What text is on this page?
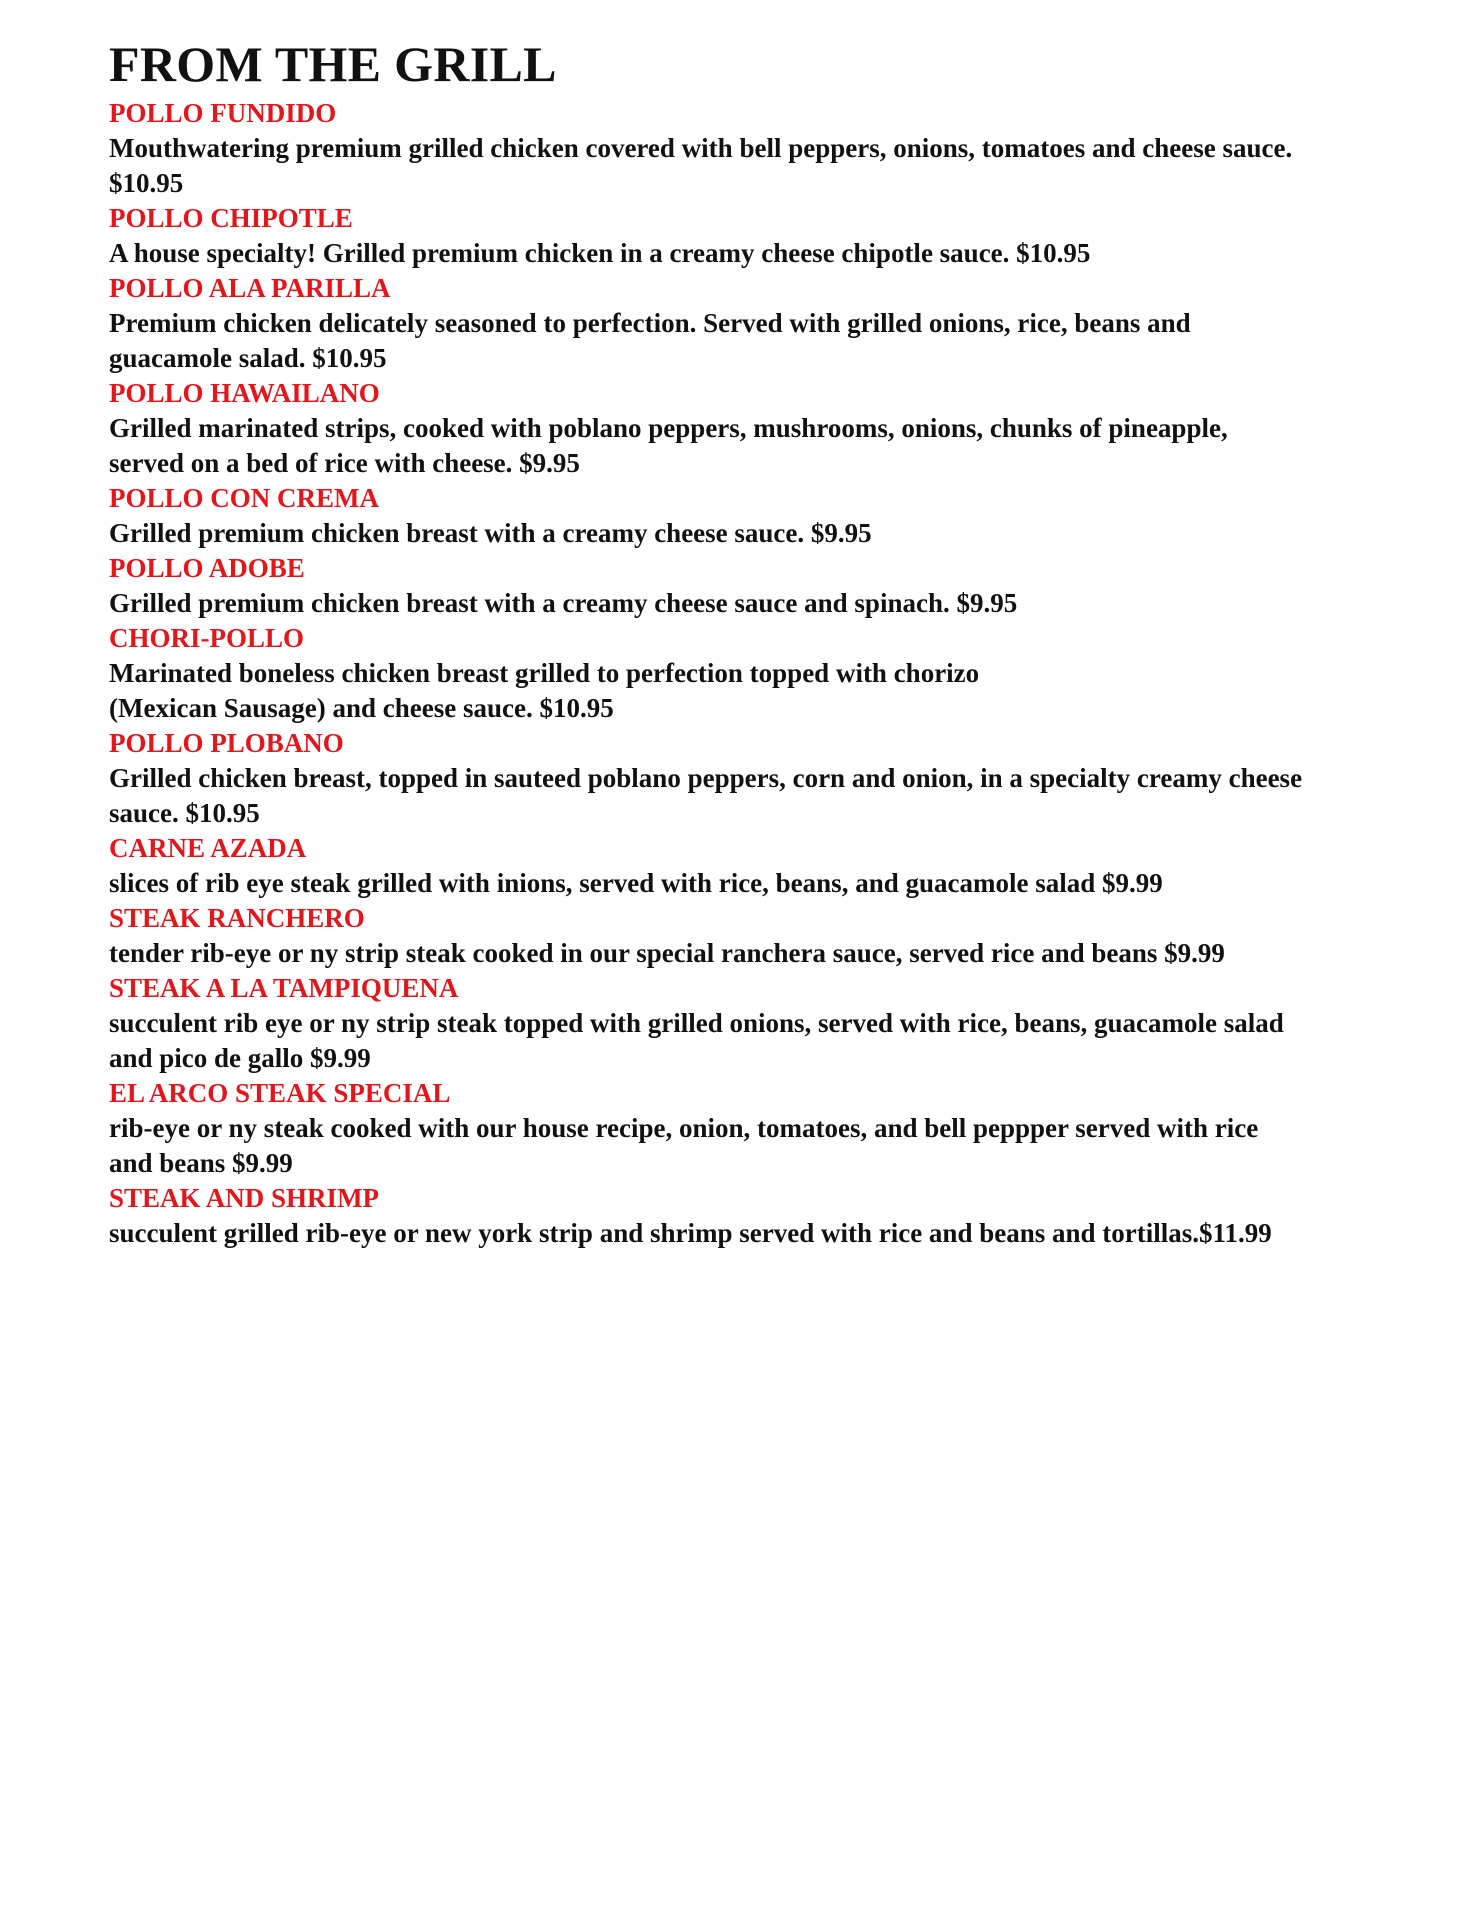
FROM THE GRILL

POLLO FUNDIDO

Mouthwatering premium grilled chicken covered with bell peppers, onions, tomatoes and cheese sauce.
$10.95

POLLO CHIPOTLE

A house specialty! Grilled premium chicken in a creamy cheese chipotle sauce. $10.95

POLLO ALA PARILLA

Premium chicken delicately seasoned to perfection. Served with grilled onions, rice, beans and
guacamole salad. $10.95

POLLO HAWAILANO

Grilled marinated strips, cooked with poblano peppers, mushrooms, onions, chunks of pineapple,
served on a bed of rice with cheese. $9.95

POLLO CON CREMA

Grilled premium chicken breast with a creamy cheese sauce. $9.95

POLLO ADOBE

Grilled premium chicken breast with a creamy cheese sauce and spinach. $9.95

CHORI-POLLO

Marinated boneless chicken breast grilled to perfection topped with chorizo
(Mexican Sausage) and cheese sauce. $10.95

POLLO PLOBANO

Grilled chicken breast, topped in sauteed poblano peppers, corn and onion, in a specialty creamy cheese
sauce. $10.95

CARNE AZADA

slices of rib eye steak grilled with inions, served with rice, beans, and guacamole salad $9.99

STEAK RANCHERO

tender rib-eye or ny strip steak cooked in our special ranchera sauce, served rice and beans $9.99

STEAK A LA TAMPIQUENA

succulent rib eye or ny strip steak topped with grilled onions, served with rice, beans, guacamole salad
and pico de gallo $9.99

EL ARCO STEAK SPECIAL

rib-eye or ny steak cooked with our house recipe, onion, tomatoes, and bell peppper served with rice
and beans $9.99

STEAK AND SHRIMP

succulent grilled rib-eye or new york strip and shrimp served with rice and beans and tortillas.$11.99
